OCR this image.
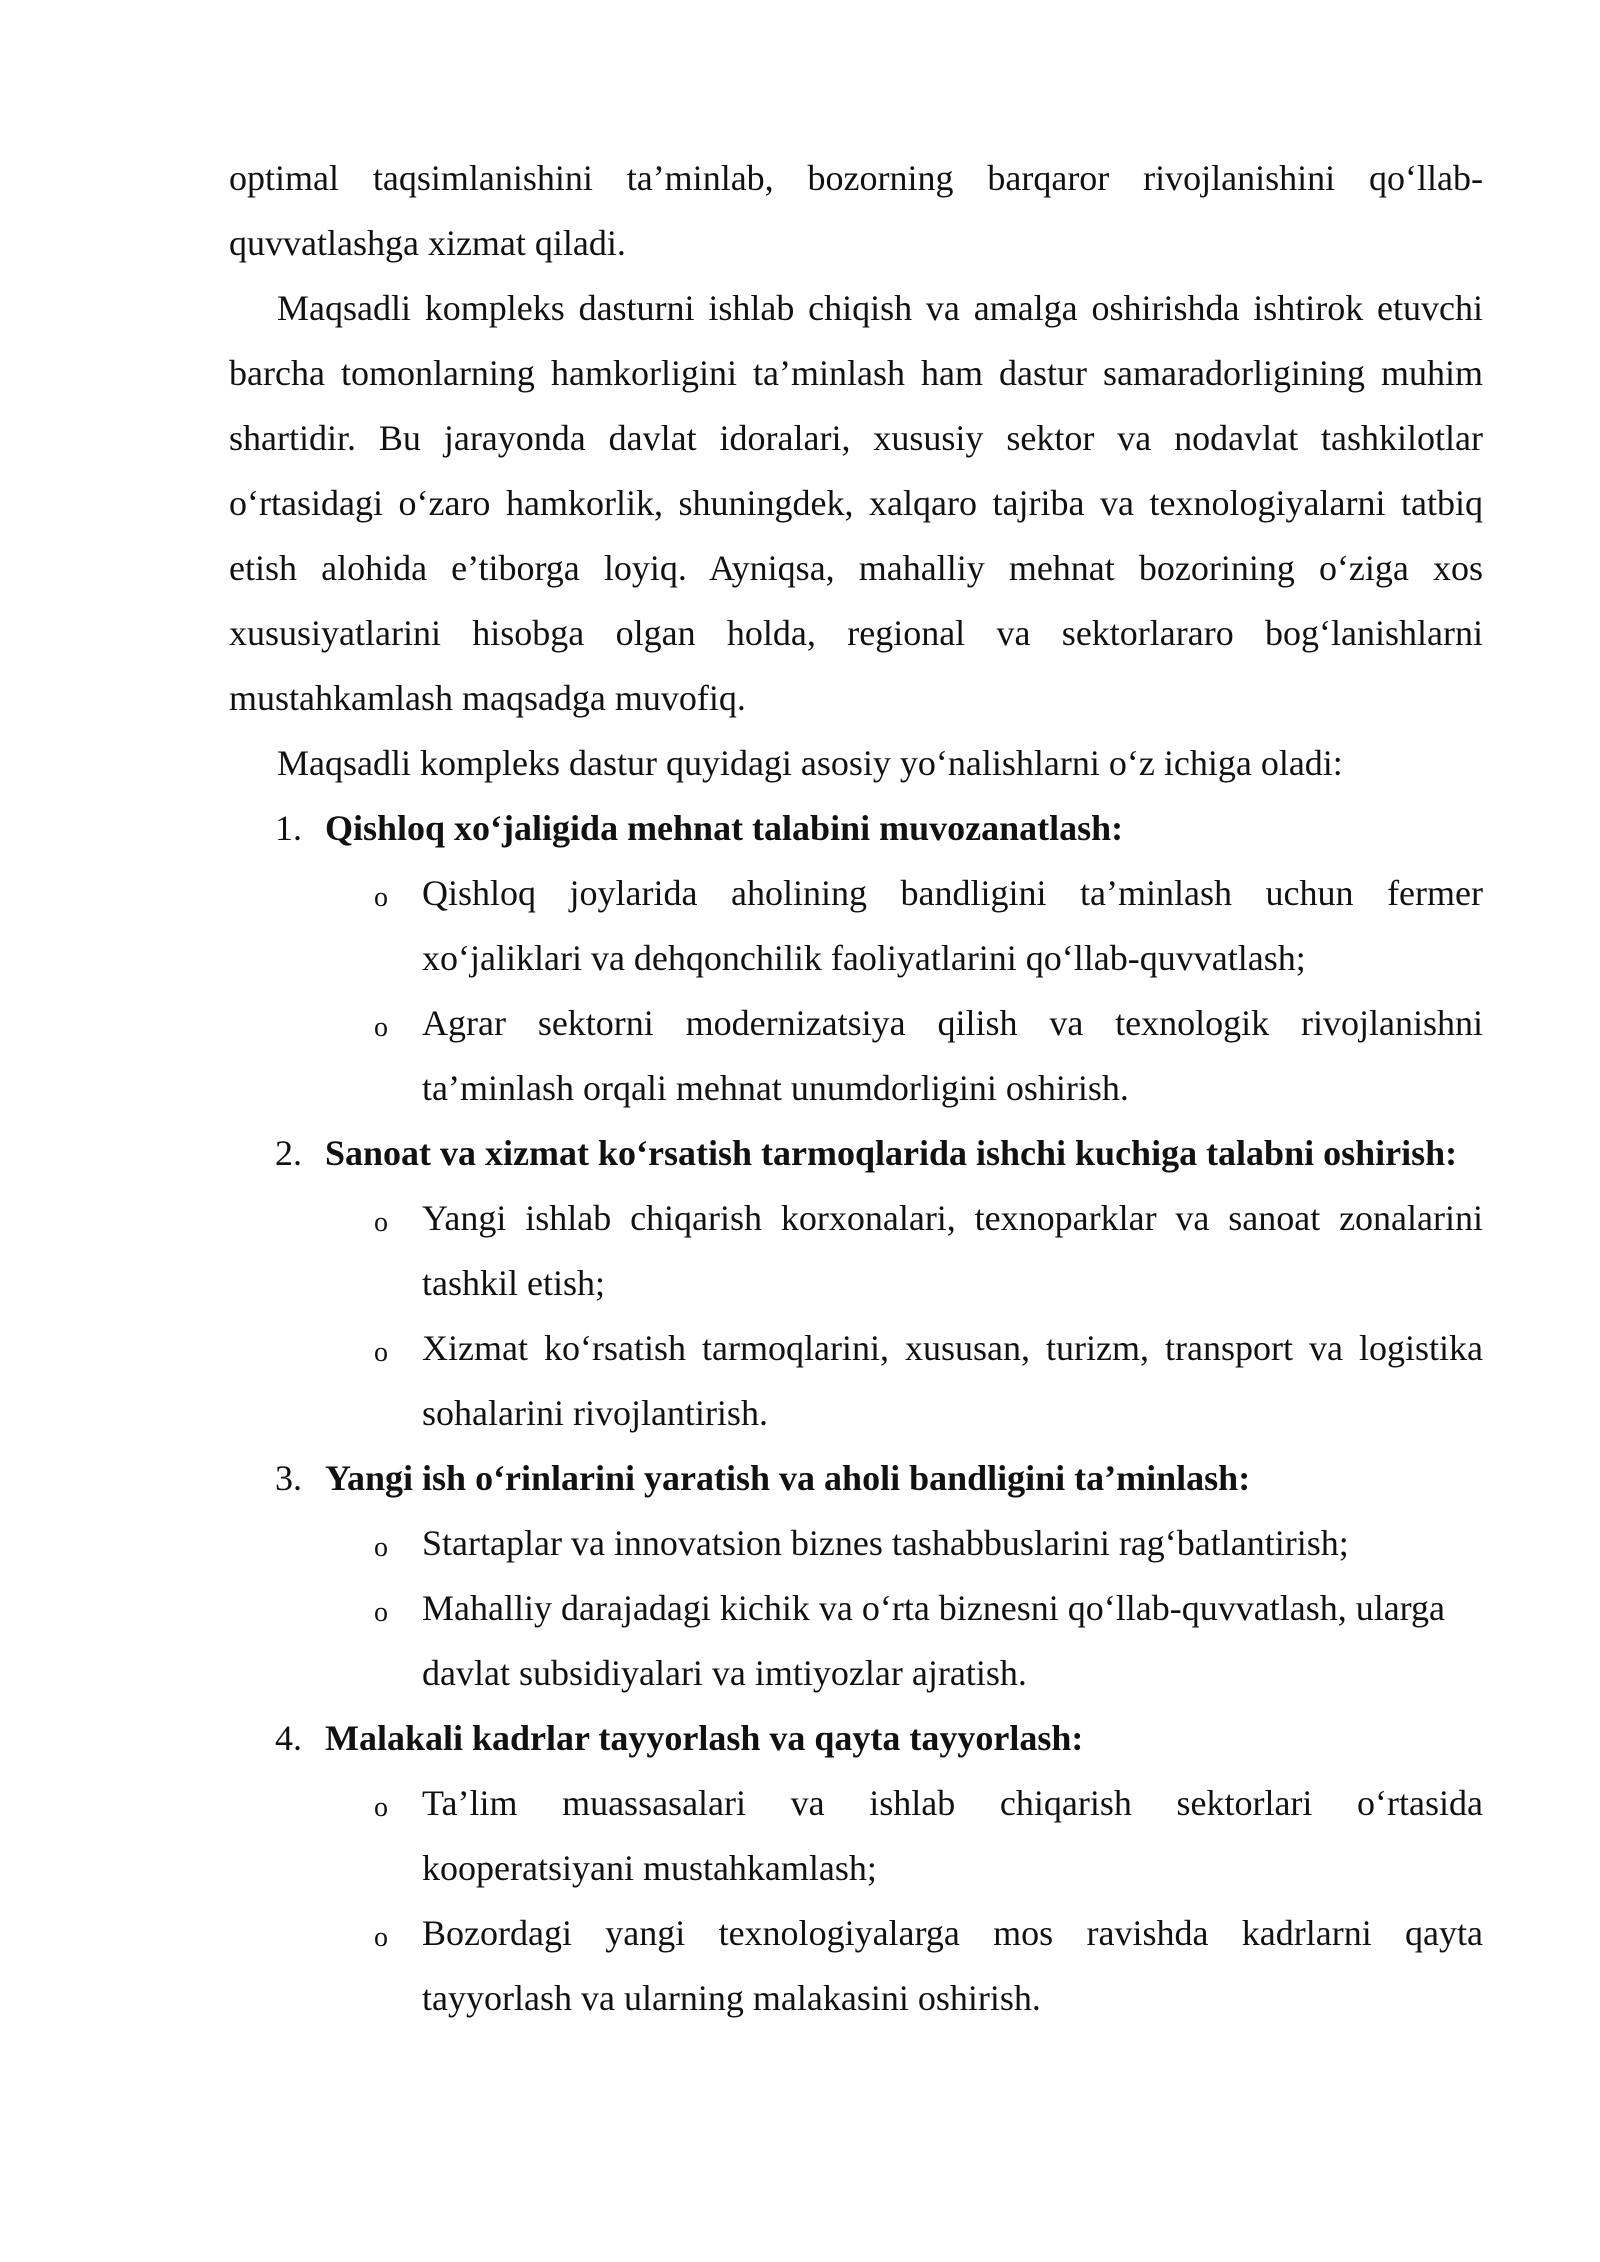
optimal taqsimlanishini ta’minlab, bozorning barqaror rivojlanishini qo‘llab-quvvatlashga xizmat qiladi.

Maqsadli kompleks dasturni ishlab chiqish va amalga oshirishda ishtirok etuvchi barcha tomonlarning hamkorligini ta’minlash ham dastur samaradorligining muhim shartidir. Bu jarayonda davlat idoralari, xususiy sektor va nodavlat tashkilotlar o‘rtasidagi o‘zaro hamkorlik, shuningdek, xalqaro tajriba va texnologiyalarni tatbiq etish alohida e’tiborga loyiq. Ayniqsa, mahalliy mehnat bozorining o‘ziga xos xususiyatlarini hisobga olgan holda, regional va sektorlararo bog‘lanishlarni mustahkamlash maqsadga muvofiq.

Maqsadli kompleks dastur quyidagi asosiy yo‘nalishlarni o‘z ichiga oladi:

1. Qishloq xo‘jaligida mehnat talabini muvozanatlash:

o Qishloq joylarida aholining bandligini ta’minlash uchun fermer xo‘jaliklari va dehqonchilik faoliyatlarini qo‘llab-quvvatlash;
o Agrar sektorni modernizatsiya qilish va texnologik rivojlanishni ta’minlash orqali mehnat unumdorligini oshirish.
2. Sanoat va xizmat ko‘rsatish tarmoqlarida ishchi kuchiga talabni oshirish:

o Yangi ishlab chiqarish korxonalari, texnoparklar va sanoat zonalarini tashkil etish;
o Xizmat ko‘rsatish tarmoqlarini, xususan, turizm, transport va logistika sohalarini rivojlantirish.
3. Yangi ish o‘rinlarini yaratish va aholi bandligini ta’minlash:

o Startaplar va innovatsion biznes tashabbuslarini rag‘batlantirish;
o Mahalliy darajadagi kichik va o‘rta biznesni qo‘llab-quvvatlash, ularga davlat subsidiyalari va imtiyozlar ajratish.
4. Malakali kadrlar tayyorlash va qayta tayyorlash:

o Ta’lim muassasalari va ishlab chiqarish sektorlari o‘rtasida kooperatsiyani mustahkamlash;
o Bozordagi yangi texnologiyalarga mos ravishda kadrlarni qayta tayyorlash va ularning malakasini oshirish.
